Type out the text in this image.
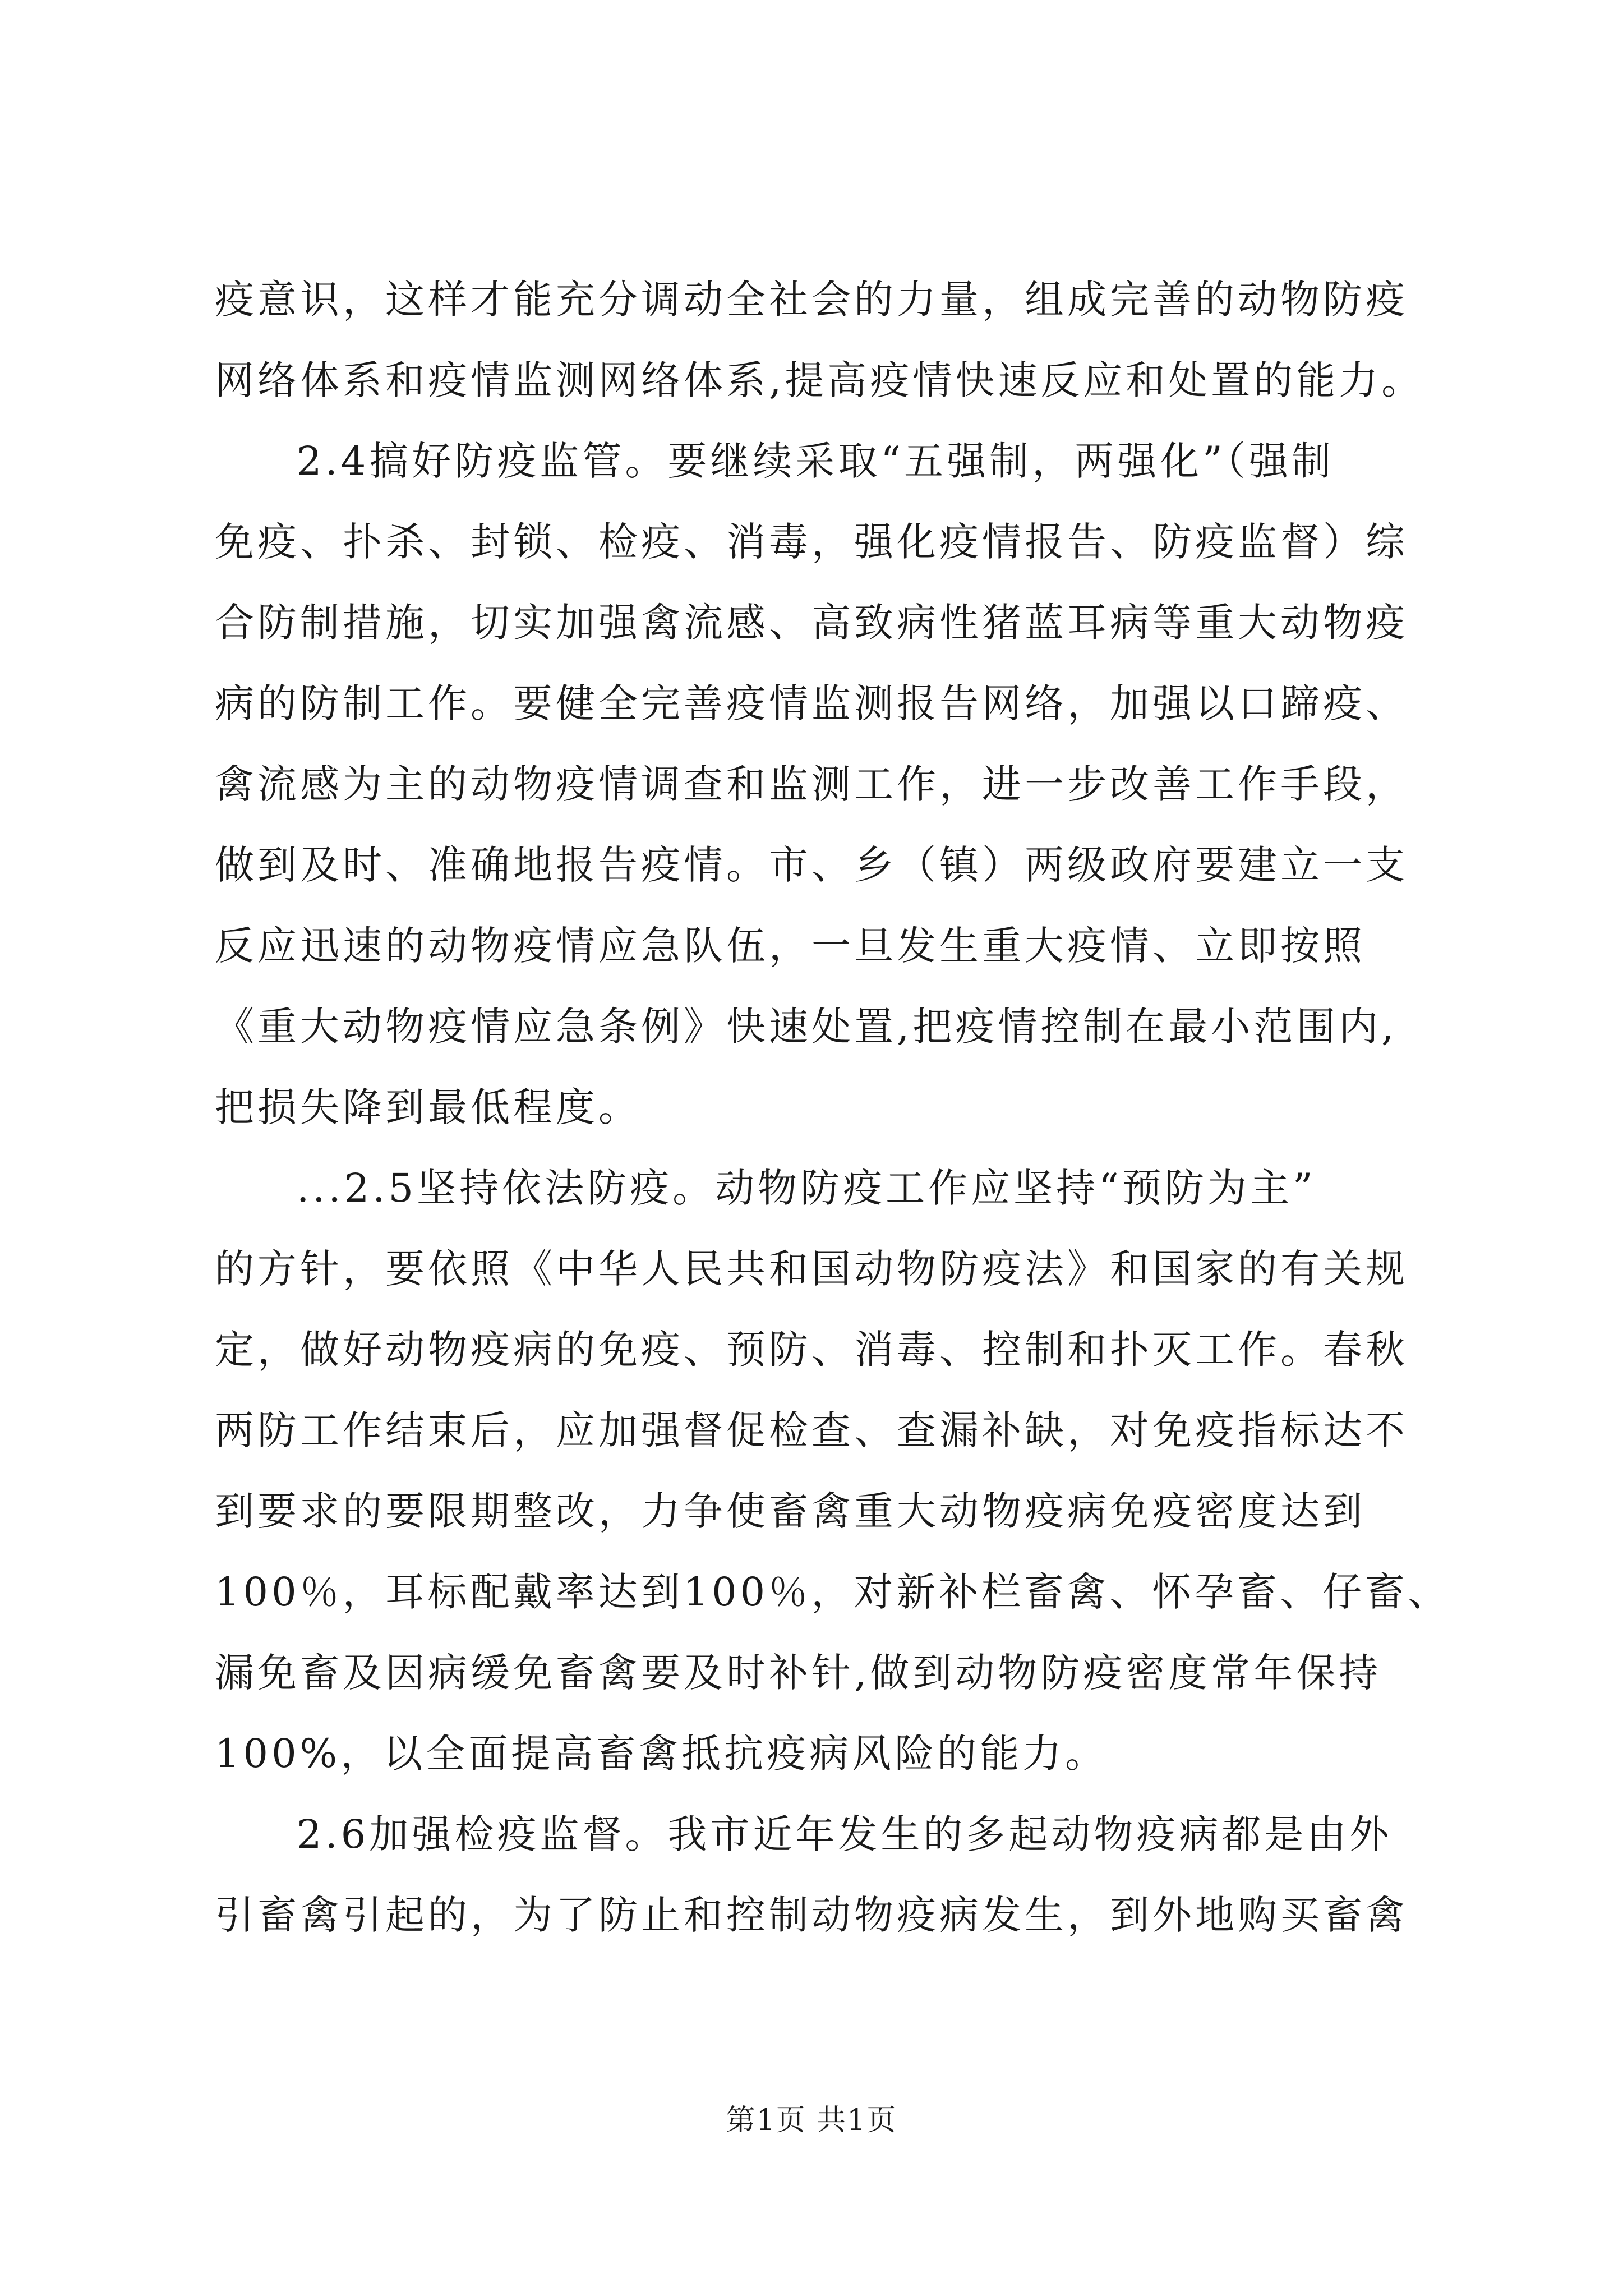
疫意识，这样才能充分调动全社会的力量，组成完善的动物防疫
网络体系和疫情监测网络体系,提高疫情快速反应和处置的能力。
2.4搞好防疫监管。要继续采取“五强制，两强化”（强制
免疫、扑杀、封锁、检疫、消毒，强化疫情报告、防疫监督）综
合防制措施，切实加强禽流感、高致病性猪蓝耳病等重大动物疫
病的防制工作。要健全完善疫情监测报告网络，加强以口蹄疫、
禽流感为主的动物疫情调查和监测工作，进一步改善工作手段，
做到及时、准确地报告疫情。市、乡（镇）两级政府要建立一支
反应迅速的动物疫情应急队伍，一旦发生重大疫情、立即按照
《重大动物疫情应急条例》快速处置,把疫情控制在最小范围内,
把损失降到最低程度。
...2.5坚持依法防疫。动物防疫工作应坚持“预防为主”
的方针，要依照《中华人民共和国动物防疫法》和国家的有关规
定，做好动物疫病的免疫、预防、消毒、控制和扑灭工作。春秋
两防工作结束后，应加强督促检查、查漏补缺，对免疫指标达不
到要求的要限期整改，力争使畜禽重大动物疫病免疫密度达到
100％，耳标配戴率达到100％，对新补栏畜禽、怀孕畜、仔畜、
漏免畜及因病缓免畜禽要及时补针,做到动物防疫密度常年保持
100%，以全面提高畜禽抵抗疫病风险的能力。
2.6加强检疫监督。我市近年发生的多起动物疫病都是由外
引畜禽引起的，为了防止和控制动物疫病发生，到外地购买畜禽
第1页 共1页
